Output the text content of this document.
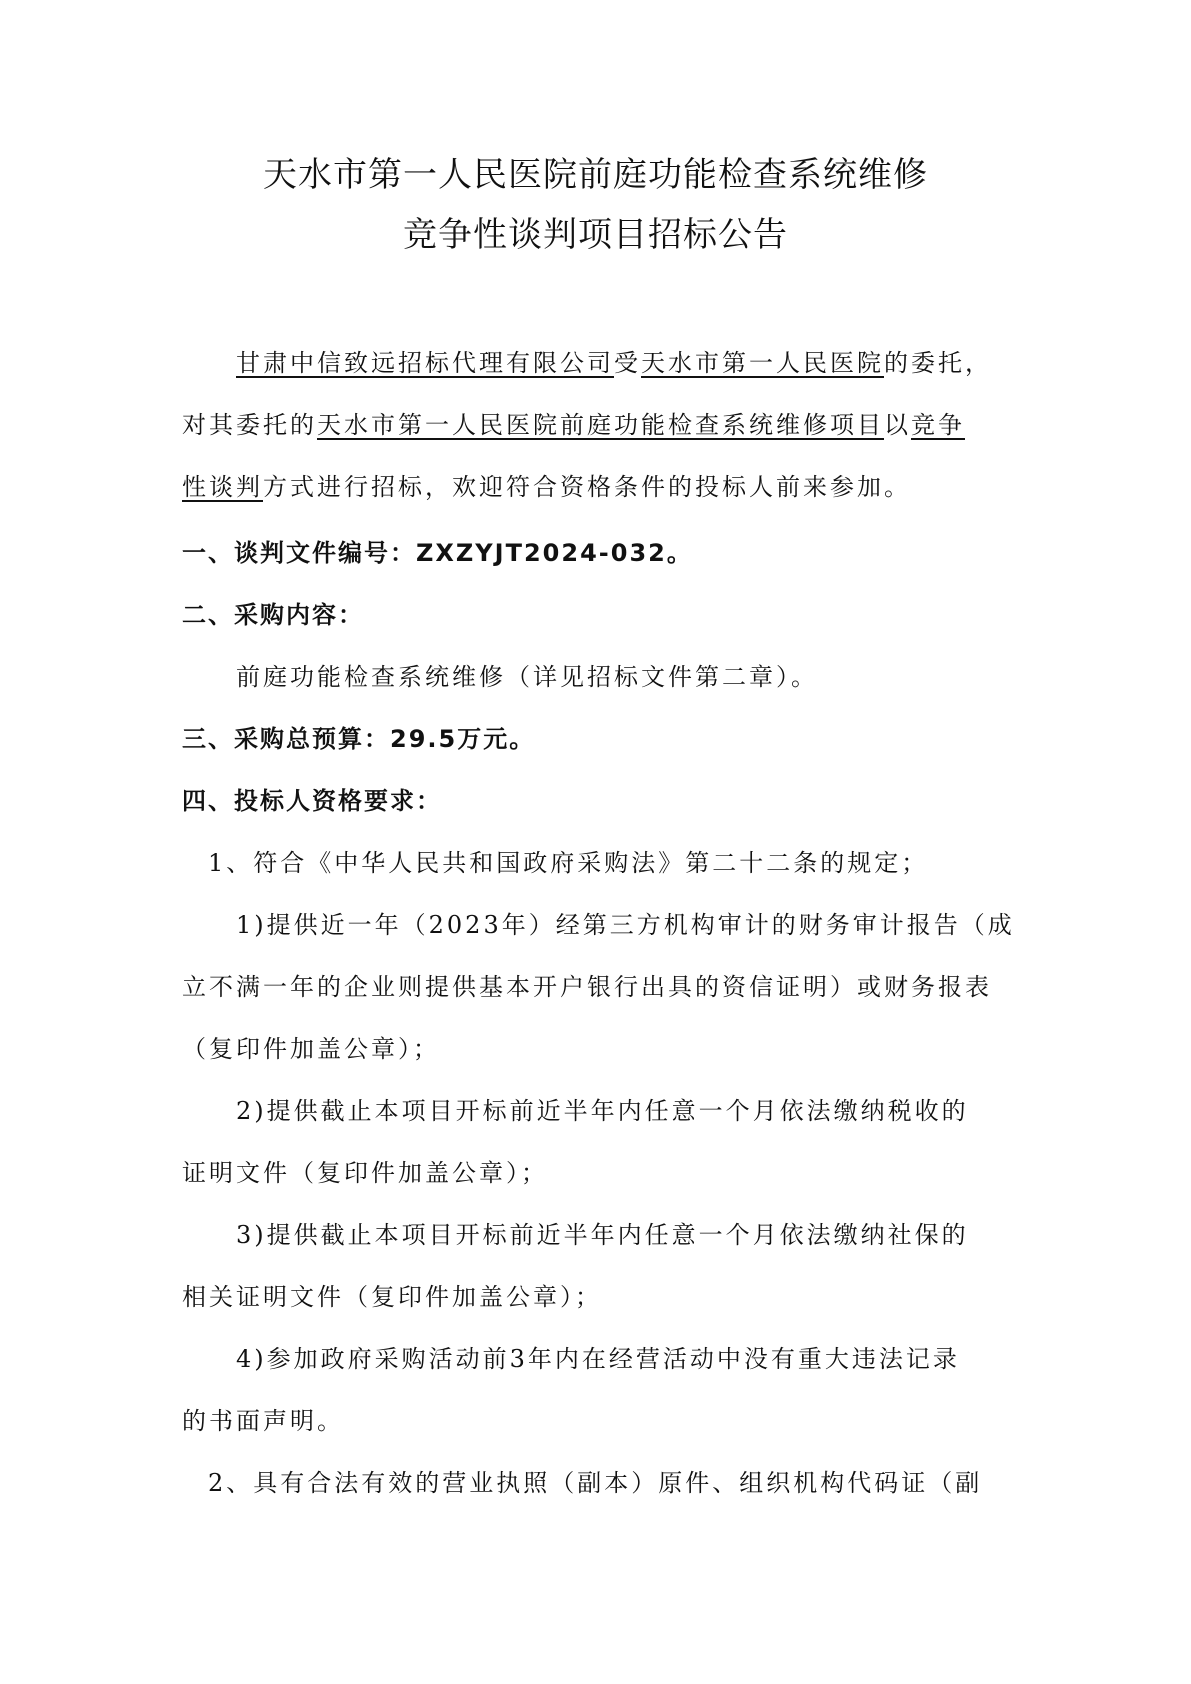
天水市第一人民医院前庭功能检查系统维修
竞争性谈判项目招标公告

甘肃中信致远招标代理有限公司受天水市第一人民医院的委托，

对其委托的天水市第一人民医院前庭功能检查系统维修项目以竞争

性谈判方式进行招标，欢迎符合资格条件的投标人前来参加。

一、谈判文件编号：ZXZYJT2024-032。

二、采购内容：

前庭功能检查系统维修（详见招标文件第二章）。

三、采购总预算：29.5万元。

四、投标人资格要求：

1、符合《中华人民共和国政府采购法》第二十二条的规定；

1)提供近一年（2023年）经第三方机构审计的财务审计报告（成

立不满一年的企业则提供基本开户银行出具的资信证明）或财务报表

（复印件加盖公章）；

2)提供截止本项目开标前近半年内任意一个月依法缴纳税收的

证明文件（复印件加盖公章）；

3)提供截止本项目开标前近半年内任意一个月依法缴纳社保的

相关证明文件（复印件加盖公章）；

4)参加政府采购活动前3年内在经营活动中没有重大违法记录

的书面声明。

2、具有合法有效的营业执照（副本）原件、组织机构代码证（副
